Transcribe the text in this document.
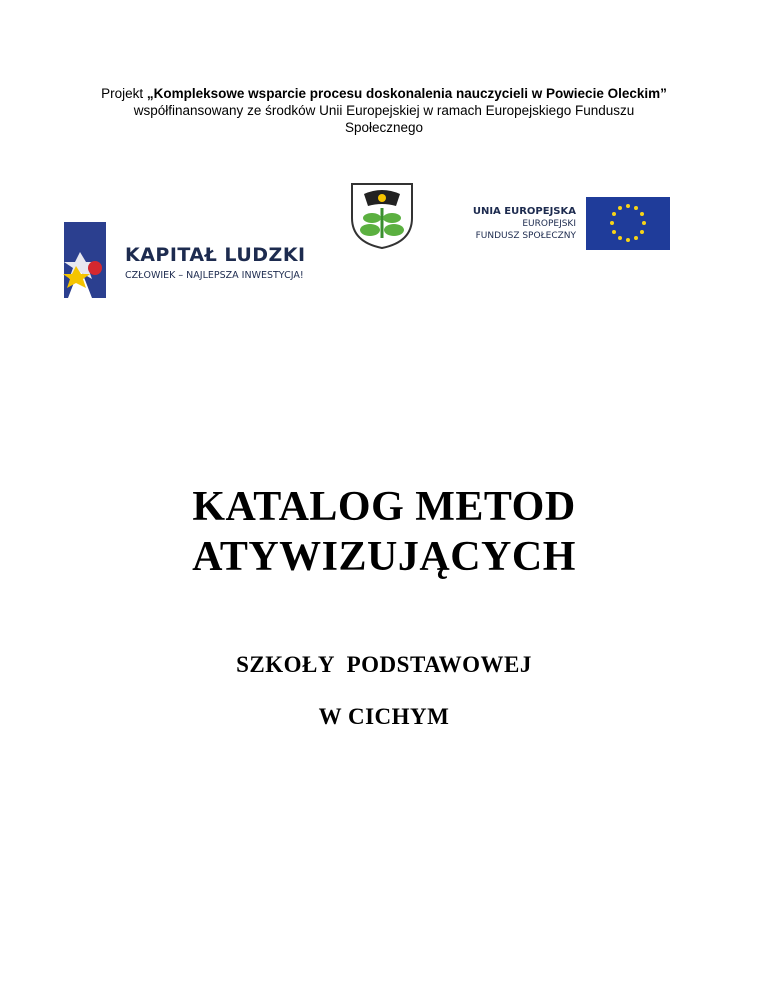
Projekt „Kompleksowe wsparcie procesu doskonalenia nauczycieli w Powiecie Oleckim”
współfinansowany ze środków Unii Europejskiej w ramach Europejskiego Funduszu Społecznego
KAPITAŁ LUDZKI
CZŁOWIEK – NAJLEPSZA INWESTYCJA!
UNIA EUROPEJSKA
EUROPEJSKI
FUNDUSZ SPOŁECZNY
KATALOG METOD
ATYWIZUJĄCYCH
SZKOŁY  PODSTAWOWEJ
W CICHYM
